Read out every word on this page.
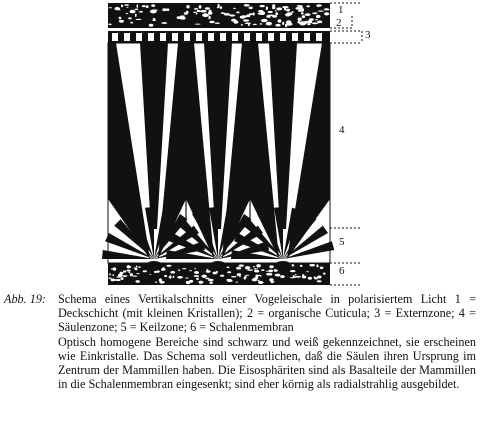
1
2
3
4
5
6
Abb. 19: Schema eines Vertikalschnitts einer Vogeleischale in polarisiertem Licht 1 = Deckschicht (mit kleinen Kristallen); 2 = organische Cuticula; 3 = Externzone; 4 = Säulenzone; 5 = Keilzone; 6 = Schalenmembran

Optisch homogene Bereiche sind schwarz und weiß gekennzeichnet, sie erscheinen wie Einkristalle. Das Schema soll verdeutlichen, daß die Säulen ihren Ursprung im Zentrum der Mammillen haben. Die Eisosphäriten sind als Basalteile der Mammillen in die Schalenmembran eingesenkt; sind eher körnig als radialstrahlig ausgebildet.
